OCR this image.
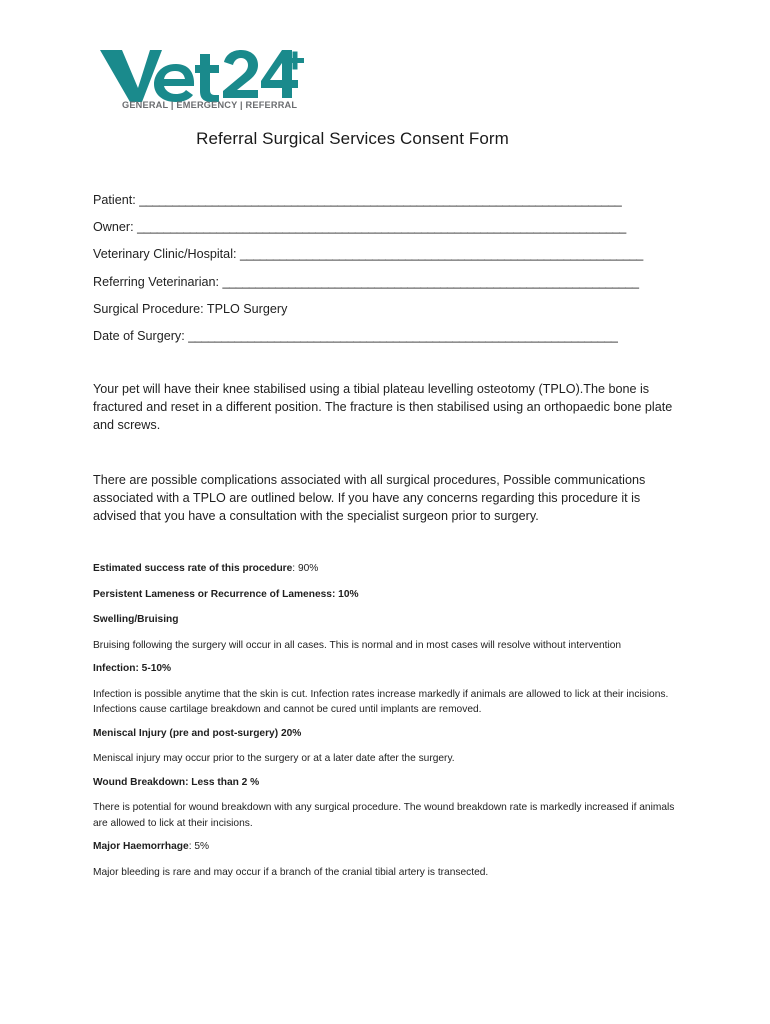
GENERAL | EMERGENCY | REFERRAL
Referral Surgical Services Consent Form
Patient: _________________________________________________________________________
Owner: __________________________________________________________________________
Veterinary Clinic/Hospital: _____________________________________________________________
Referring Veterinarian: _______________________________________________________________
Surgical Procedure: TPLO Surgery
Date of Surgery: _________________________________________________________________
Your pet will have their knee stabilised using a tibial plateau levelling osteotomy (TPLO).The bone is fractured and reset in a different position. The fracture is then stabilised using an orthopaedic bone plate and screws.
There are possible complications associated with all surgical procedures, Possible communications associated with a TPLO are outlined below. If you have any concerns regarding this procedure it is advised that you have a consultation with the specialist surgeon prior to surgery.
Estimated success rate of this procedure: 90%
Persistent Lameness or Recurrence of Lameness: 10%
Swelling/Bruising
Bruising following the surgery will occur in all cases. This is normal and in most cases will resolve without intervention
Infection: 5-10%
Infection is possible anytime that the skin is cut. Infection rates increase markedly if animals are allowed to lick at their incisions. Infections cause cartilage breakdown and cannot be cured until implants are removed.
Meniscal Injury (pre and post-surgery) 20%
Meniscal injury may occur prior to the surgery or at a later date after the surgery.
Wound Breakdown: Less than 2 %
There is potential for wound breakdown with any surgical procedure. The wound breakdown rate is markedly increased if animals are allowed to lick at their incisions.
Major Haemorrhage: 5%
Major bleeding is rare and may occur if a branch of the cranial tibial artery is transected.
